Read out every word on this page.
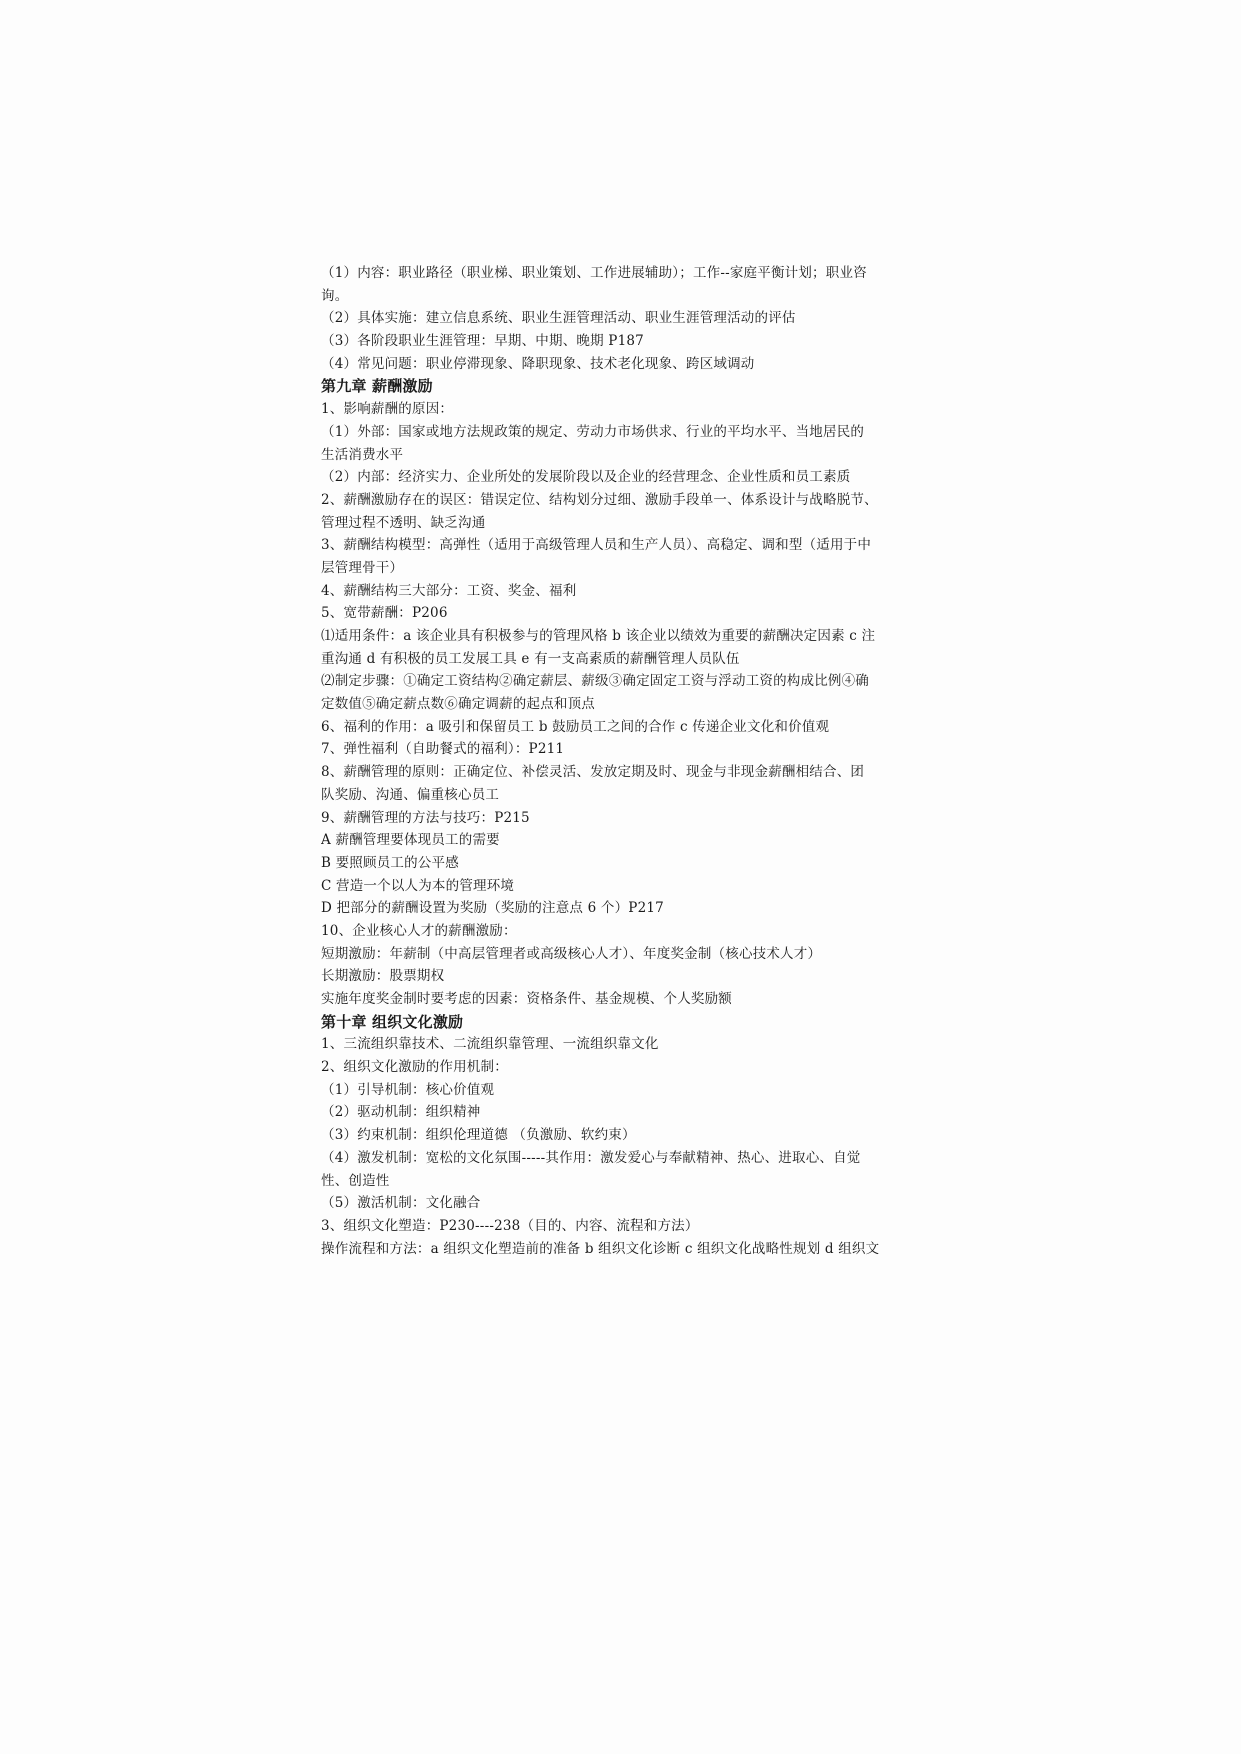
（1）内容：职业路径（职业梯、职业策划、工作进展辅助）；工作--家庭平衡计划；职业咨
询。
（2）具体实施：建立信息系统、职业生涯管理活动、职业生涯管理活动的评估
（3）各阶段职业生涯管理：早期、中期、晚期 P187
（4）常见问题：职业停滞现象、降职现象、技术老化现象、跨区域调动
第九章 薪酬激励
1、影响薪酬的原因：
（1）外部：国家或地方法规政策的规定、劳动力市场供求、行业的平均水平、当地居民的
生活消费水平
（2）内部：经济实力、企业所处的发展阶段以及企业的经营理念、企业性质和员工素质
2、薪酬激励存在的误区：错误定位、结构划分过细、激励手段单一、体系设计与战略脱节、
管理过程不透明、缺乏沟通
3、薪酬结构模型：高弹性（适用于高级管理人员和生产人员）、高稳定、调和型（适用于中
层管理骨干）
4、薪酬结构三大部分：工资、奖金、福利
5、宽带薪酬：P206
⑴适用条件：a 该企业具有积极参与的管理风格 b 该企业以绩效为重要的薪酬决定因素 c 注
重沟通 d 有积极的员工发展工具 e 有一支高素质的薪酬管理人员队伍
⑵制定步骤：①确定工资结构②确定薪层、薪级③确定固定工资与浮动工资的构成比例④确
定数值⑤确定薪点数⑥确定调薪的起点和顶点
6、福利的作用：a 吸引和保留员工 b 鼓励员工之间的合作 c 传递企业文化和价值观
7、弹性福利（自助餐式的福利）：P211
8、薪酬管理的原则：正确定位、补偿灵活、发放定期及时、现金与非现金薪酬相结合、团
队奖励、沟通、偏重核心员工
9、薪酬管理的方法与技巧：P215
A 薪酬管理要体现员工的需要
B 要照顾员工的公平感
C 营造一个以人为本的管理环境
D 把部分的薪酬设置为奖励（奖励的注意点 6 个）P217
10、企业核心人才的薪酬激励：
短期激励：年薪制（中高层管理者或高级核心人才）、年度奖金制（核心技术人才）
长期激励：股票期权
实施年度奖金制时要考虑的因素：资格条件、基金规模、个人奖励额
第十章 组织文化激励
1、三流组织靠技术、二流组织靠管理、一流组织靠文化
2、组织文化激励的作用机制：
（1）引导机制：核心价值观
（2）驱动机制：组织精神
（3）约束机制：组织伦理道德 （负激励、软约束）
（4）激发机制：宽松的文化氛围-----其作用：激发爱心与奉献精神、热心、进取心、自觉
性、创造性
（5）激活机制：文化融合
3、组织文化塑造：P230----238（目的、内容、流程和方法）
操作流程和方法：a 组织文化塑造前的准备 b 组织文化诊断 c 组织文化战略性规划 d 组织文
